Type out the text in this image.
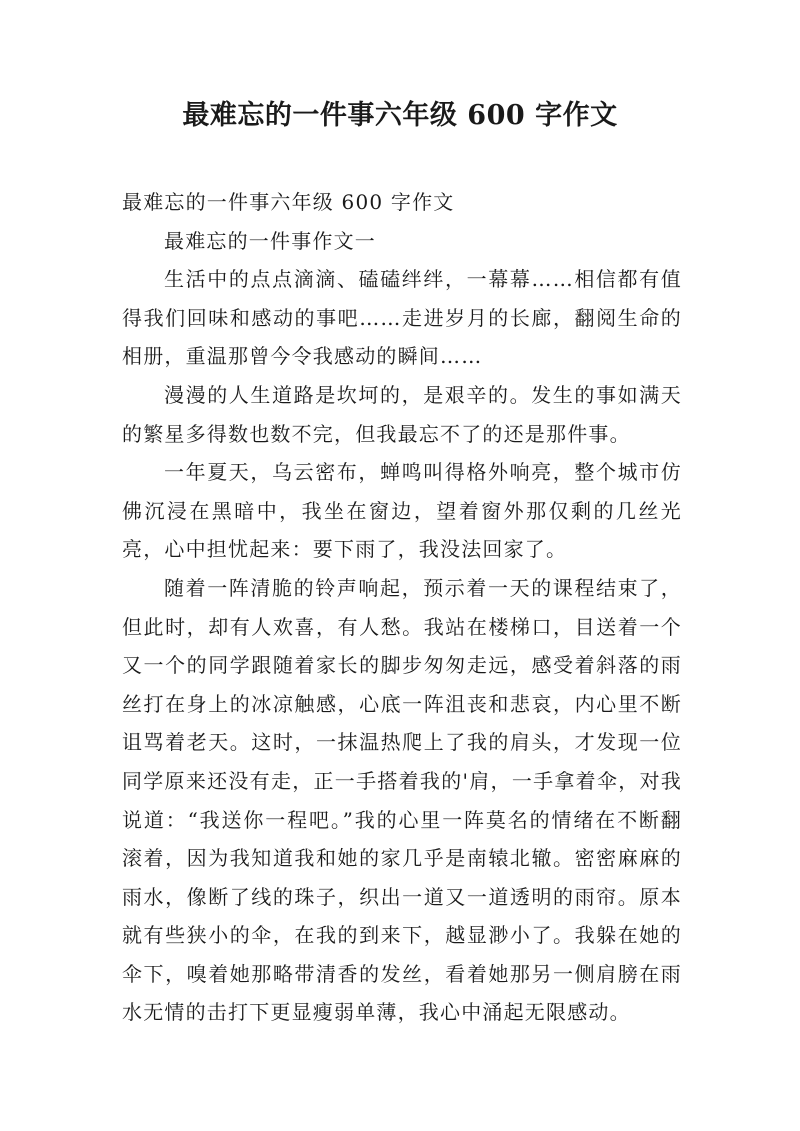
最难忘的一件事六年级 600 字作文

最难忘的一件事六年级 600 字作文

最难忘的一件事作文一

生活中的点点滴滴、磕磕绊绊，一幕幕……相信都有值得我们回味和感动的事吧……走进岁月的长廊，翻阅生命的相册，重温那曾今令我感动的瞬间……

漫漫的人生道路是坎坷的，是艰辛的。发生的事如满天的繁星多得数也数不完，但我最忘不了的还是那件事。

一年夏天，乌云密布，蝉鸣叫得格外响亮，整个城市仿佛沉浸在黑暗中，我坐在窗边，望着窗外那仅剩的几丝光亮，心中担忧起来：要下雨了，我没法回家了。

随着一阵清脆的铃声响起，预示着一天的课程结束了，但此时，却有人欢喜，有人愁。我站在楼梯口，目送着一个又一个的同学跟随着家长的脚步匆匆走远，感受着斜落的雨丝打在身上的冰凉触感，心底一阵沮丧和悲哀，内心里不断诅骂着老天。这时，一抹温热爬上了我的肩头，才发现一位同学原来还没有走，正一手搭着我的'肩，一手拿着伞，对我说道：“我送你一程吧。”我的心里一阵莫名的情绪在不断翻滚着，因为我知道我和她的家几乎是南辕北辙。密密麻麻的雨水，像断了线的珠子，织出一道又一道透明的雨帘。原本就有些狭小的伞，在我的到来下，越显渺小了。我躲在她的伞下，嗅着她那略带清香的发丝，看着她那另一侧肩膀在雨水无情的击打下更显瘦弱单薄，我心中涌起无限感动。
